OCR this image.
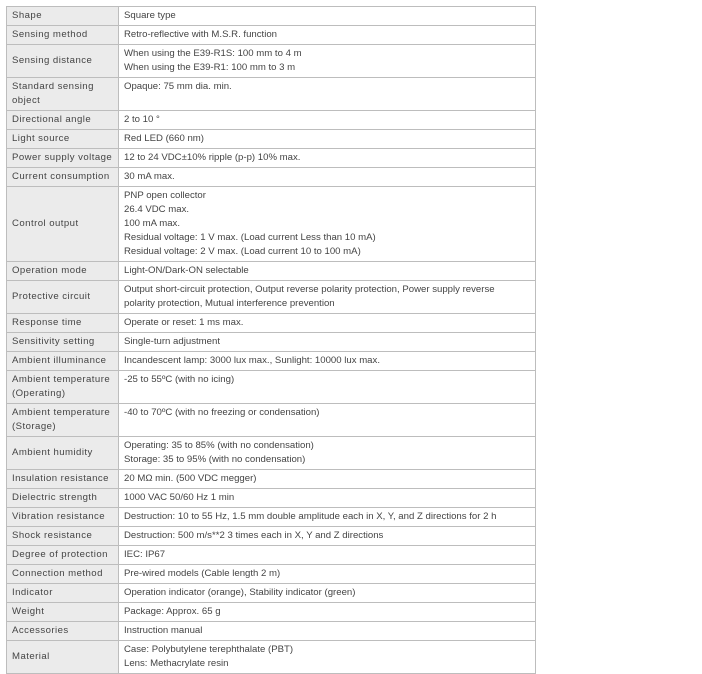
Shape	Square type

Sensing method	Retro-reflective with M.S.R. function

Sensing distance	When using the E39-R1S: 100 mm to 4 m
When using the E39-R1: 100 mm to 3 m

Standard sensing object	Opaque: 75 mm dia. min.

Directional angle	2 to 10 °

Light source	Red LED (660 nm)

Power supply voltage	12 to 24 VDC±10% ripple (p-p) 10% max.

Current consumption	30 mA max.

Control output	PNP open collector
26.4 VDC max.
100 mA max.
Residual voltage: 1 V max. (Load current Less than 10 mA)
Residual voltage: 2 V max. (Load current 10 to 100 mA)

Operation mode	Light-ON/Dark-ON selectable

Protective circuit	Output short-circuit protection, Output reverse polarity protection, Power supply reverse
polarity protection, Mutual interference prevention

Response time	Operate or reset: 1 ms max.

Sensitivity setting	Single-turn adjustment

Ambient illuminance	Incandescent lamp: 3000 lux max., Sunlight: 10000 lux max.

Ambient temperature (Operating)	-25 to 55ºC (with no icing)

Ambient temperature (Storage)	-40 to 70ºC (with no freezing or condensation)

Ambient humidity	Operating: 35 to 85% (with no condensation)
Storage: 35 to 95% (with no condensation)

Insulation resistance	20 MΩ min. (500 VDC megger)

Dielectric strength	1000 VAC 50/60 Hz 1 min

Vibration resistance	Destruction: 10 to 55 Hz, 1.5 mm double amplitude each in X, Y, and Z directions for 2 h

Shock resistance	Destruction: 500 m/s**2 3 times each in X, Y and Z directions

Degree of protection	IEC: IP67

Connection method	Pre-wired models (Cable length 2 m)

Indicator	Operation indicator (orange), Stability indicator (green)

Weight	Package: Approx. 65 g

Accessories	Instruction manual

Material	Case: Polybutylene terephthalate (PBT)
Lens: Methacrylate resin
